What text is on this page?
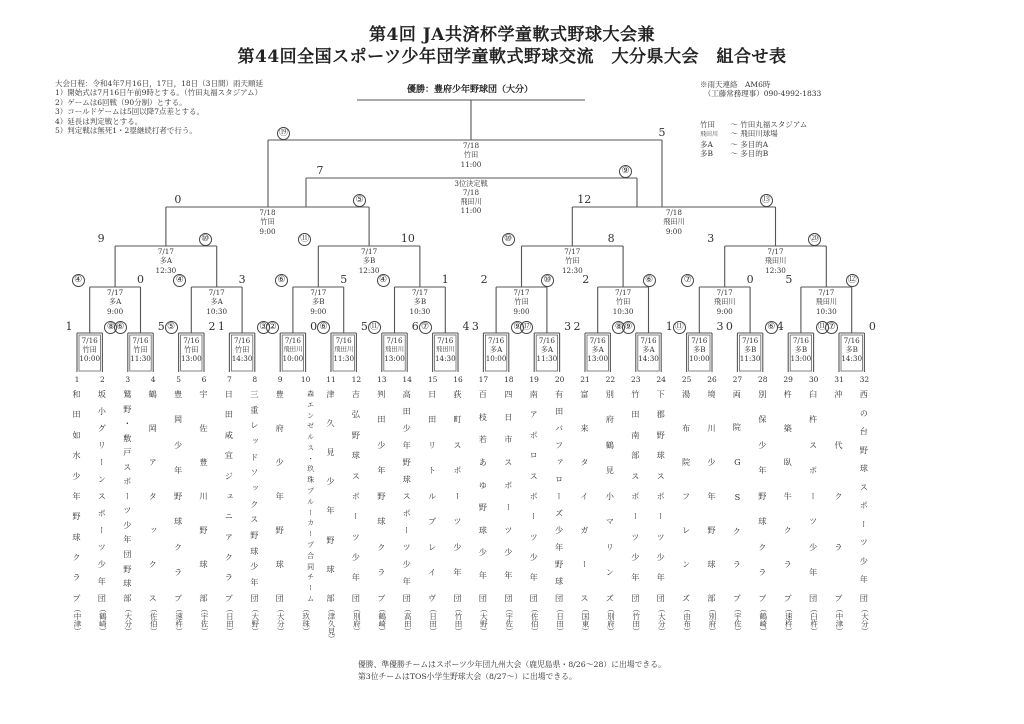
第4回 JA共済杯学童軟式野球大会兼
第44回全国スポーツ少年団学童軟式野球交流　大分県大会　組合せ表
大会日程：令和4年7月16日，17日，18日（3日間）雨天順延
1）開始式は7月16日午前9時とする。（竹田丸福スタジアム）
2）ゲームは6回戦（90分制）とする。
3）コールドゲームは5回以降7点差とする。
4）延長は判定戦とする。
5）判定戦は無死1・2塁継続打者で行う。
※雨天連絡　AM6時
　（工藤常務理事）090-4992-1833
竹田 ～ 竹田丸福スタジアム
飛田川 ～ 飛田川球場
多A ～ 多目的A
多B ～ 多目的B
優勝：豊府少年野球団（大分）
7/16
竹田
10:00
1	⑧
7/16
竹田
11:30
⑥	5
7/16
竹田
13:00
⑤	2
7/16
竹田
14:30
1	③
7/16
飛田川
10:00
②	0
7/16
飛田川
11:30
⑥	5
7/16
飛田川
13:00
⑪	6
7/16
飛田川
14:30
⑦	4
7/16
多A
10:00
3	⑨
7/16
多A
11:30
⑰	3
7/16
多A
13:00
2	⑧
7/16
多A
14:30
⑨	1
7/16
多B
10:00
⑪	3
7/16
多B
11:30
0	⑥
7/16
多B
13:00
4	⑪
7/16
多B
14:30
⑦	0
7/17
多A
9:00
④	0
7/17
多A
10:30
④	3
7/17
多B
9:00
⑥	5
7/17
多B
10:30
④	1
7/17
竹田
9:00
2	⑩
7/17
竹田
10:30
2	⑥
7/17
飛田川
9:00
⑦	0
7/17
飛田川
10:30
5	⑫
7/17
多A
12:30
9	⑩
7/17
多B
12:30
⑪	10
7/17
竹田
12:30
⑩	8
7/17
飛田川
12:30
3	⑳
7/18
竹田
9:00
0	⑤
7/18
飛田川
9:00
12	⑬
7/18
竹田
11:00
⑲	5
3位決定戦
7/18
飛田川
11:00
7	⑨
1
和
田
如
水
少
年
野
球
ク
ラ
ブ
（中津）
2
坂
小
グ
リ
ー
ン
ス
ポ
ー
ツ
少
年
団
（鶴崎）
3
鷲
野
・
敷
戸
ス
ポ
ー
ツ
少
年
団
野
球
部
（大分）
4
鶴
岡
ア
タ
ッ
ク
ス
（佐伯）
5
豊
岡
少
年
野
球
ク
ラ
ブ
（速杵）
6
宇
佐
豊
川
野
球
部
（宇佐）
7
日
田
咸
宜
ジ
ュ
ニ
ア
ク
ラ
ブ
（日田）
8
三
重
レ
ッ
ド
ソ
ッ
ク
ス
野
球
少
年
団
（大野）
9
豊
府
少
年
野
球
団
（大分）
10
森
エ
ン
ゼ
ル
ス
・
玖
珠
ブ
ル
ー
カ
ー
プ
合
同
チ
ー
ム
（玖珠）
11
津
久
見
少
年
野
球
部
（津久見）
12
吉
弘
野
球
ス
ポ
ー
ツ
少
年
団
（別府）
13
判
田
少
年
野
球
ク
ラ
ブ
（鶴崎）
14
高
田
少
年
野
球
ス
ポ
ー
ツ
少
年
団
（高田）
15
日
田
リ
ト
ル
ブ
レ
イ
ヴ
（日田）
16
荻
町
ス
ポ
ー
ツ
少
年
団
（竹田）
17
百
枝
若
あ
ゆ
野
球
少
年
団
（大野）
18
四
日
市
ス
ポ
ー
ツ
少
年
団
（宇佐）
19
南
ア
ポ
ロ
ス
ポ
ー
ツ
少
年
団
（佐伯）
20
有
田
バ
フ
ァ
ロ
ー
ズ
少
年
野
球
団
（日田）
21
富
来
タ
イ
ガ
ー
ス
（国東）
22
別
府
鶴
見
小
マ
リ
ン
ズ
（別府）
23
竹
田
南
部
ス
ポ
ー
ツ
少
年
団
（竹田）
24
下
郡
野
球
ス
ポ
ー
ツ
少
年
団
（大分）
25
湯
布
院
フ
レ
ン
ズ
（由布）
26
境
川
少
年
野
球
部
（別府）
27
両
院
G
S
ク
ラ
ブ
（宇佐）
28
別
保
少
年
野
球
ク
ラ
ブ
（鶴崎）
29
杵
築
臥
牛
ク
ラ
ブ
（速杵）
30
臼
杵
ス
ポ
ー
ツ
少
年
団
（臼杵）
31
沖
代
ク
ラ
ブ
（中津）
32
西
の
台
野
球
ス
ポ
ー
ツ
少
年
団
（大分）
優勝、準優勝チームはスポーツ少年団九州大会（鹿児島県・8/26～28）に出場できる。
第3位チームはTOS小学生野球大会（8/27～）に出場できる。
